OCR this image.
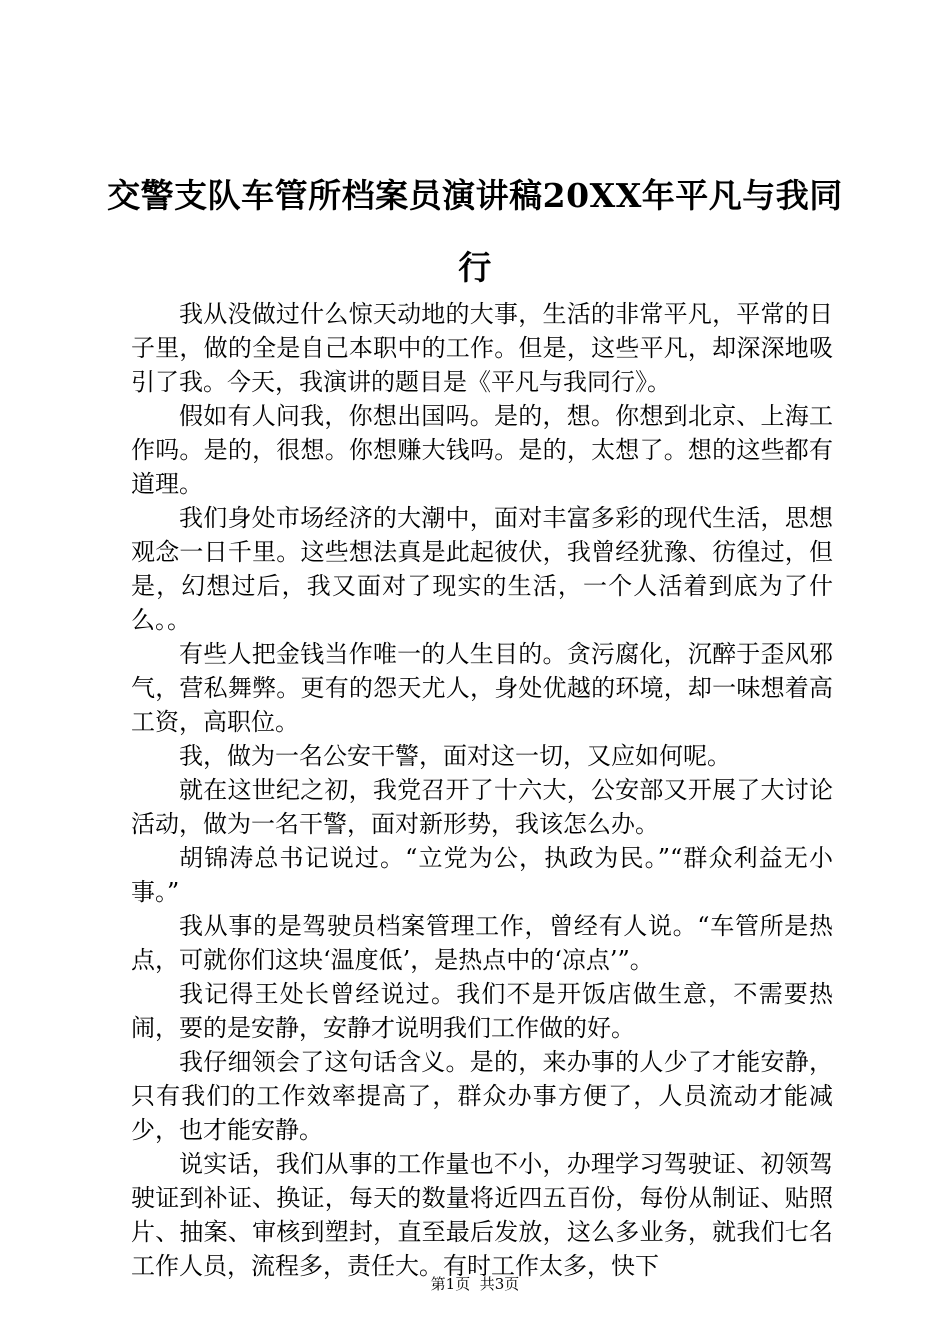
交警支队车管所档案员演讲稿20XX年平凡与我同行

我从没做过什么惊天动地的大事，生活的非常平凡，平常的日子里，做的全是自己本职中的工作。但是，这些平凡，却深深地吸引了我。今天，我演讲的题目是《平凡与我同行》。

假如有人问我，你想出国吗。是的，想。你想到北京、上海工作吗。是的，很想。你想赚大钱吗。是的，太想了。想的这些都有道理。

我们身处市场经济的大潮中，面对丰富多彩的现代生活，思想观念一日千里。这些想法真是此起彼伏，我曾经犹豫、彷徨过，但是，幻想过后，我又面对了现实的生活，一个人活着到底为了什么。。

有些人把金钱当作唯一的人生目的。贪污腐化，沉醉于歪风邪气，营私舞弊。更有的怨天尤人，身处优越的环境，却一味想着高工资，高职位。

我，做为一名公安干警，面对这一切，又应如何呢。

就在这世纪之初，我党召开了十六大，公安部又开展了大讨论活动，做为一名干警，面对新形势，我该怎么办。

胡锦涛总书记说过。“立党为公，执政为民。”“群众利益无小事。”

我从事的是驾驶员档案管理工作，曾经有人说。“车管所是热点，可就你们这块‘温度低’，是热点中的‘凉点’”。

我记得王处长曾经说过。我们不是开饭店做生意，不需要热闹，要的是安静，安静才说明我们工作做的好。

我仔细领会了这句话含义。是的，来办事的人少了才能安静，只有我们的工作效率提高了，群众办事方便了，人员流动才能减少，也才能安静。

说实话，我们从事的工作量也不小，办理学习驾驶证、初领驾驶证到补证、换证，每天的数量将近四五百份，每份从制证、贴照片、抽案、审核到塑封，直至最后发放，这么多业务，就我们七名工作人员，流程多，责任大。有时工作太多，快下

第1页 共3页
